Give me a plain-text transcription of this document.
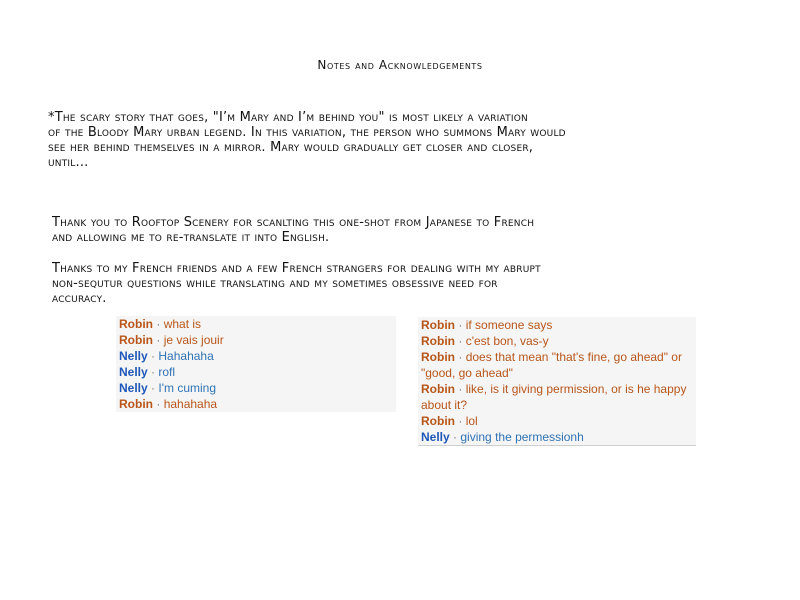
Notes and Acknowledgements
*The scary story that goes, "I’m Mary and I’m behind you" is most likely a variation
of the Bloody Mary urban legend. In this variation, the person who summons Mary would
see her behind themselves in a mirror. Mary would gradually get closer and closer,
until...
Thank you to Rooftop Scenery for scanlting this one-shot from Japanese to French
and allowing me to re-translate it into English.
Thanks to my French friends and a few French strangers for dealing with my abrupt
non-sequtur questions while translating and my sometimes obsessive need for
accuracy.
Robin · what is
Robin · je vais jouir
Nelly · Hahahaha
Nelly · rofl
Nelly · I'm cuming
Robin · hahahaha
Robin · if someone says
Robin · c'est bon, vas-y
Robin · does that mean "that's fine, go ahead" or "good, go ahead"
Robin · like, is it giving permission, or is he happy about it?
Robin · lol
Nelly · giving the permessionh
